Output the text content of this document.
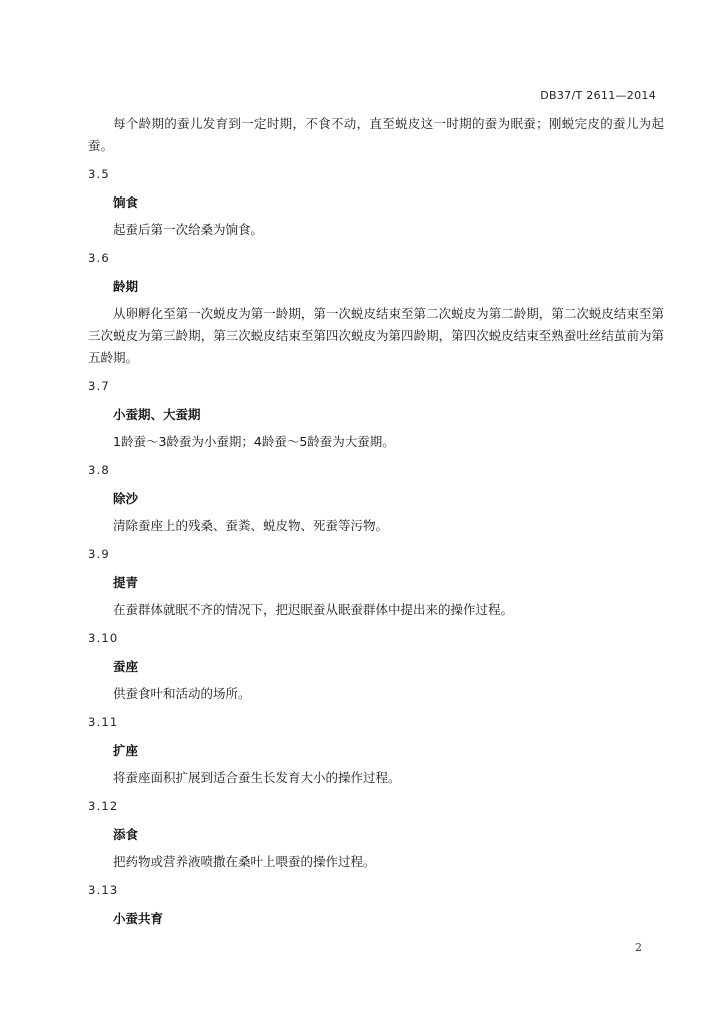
DB37/T 2611—2014

每个龄期的蚕儿发育到一定时期，不食不动，直至蜕皮这一时期的蚕为眠蚕；刚蜕完皮的蚕儿为起蚕。

3.5

饷食

起蚕后第一次给桑为饷食。

3.6

龄期

从卵孵化至第一次蜕皮为第一龄期，第一次蜕皮结束至第二次蜕皮为第二龄期，第二次蜕皮结束至第三次蜕皮为第三龄期，第三次蜕皮结束至第四次蜕皮为第四龄期，第四次蜕皮结束至熟蚕吐丝结茧前为第五龄期。

3.7

小蚕期、大蚕期

1龄蚕～3龄蚕为小蚕期；4龄蚕～5龄蚕为大蚕期。

3.8

除沙

清除蚕座上的残桑、蚕粪、蜕皮物、死蚕等污物。

3.9

提青

在蚕群体就眠不齐的情况下，把迟眠蚕从眠蚕群体中提出来的操作过程。

3.10

蚕座

供蚕食叶和活动的场所。

3.11

扩座

将蚕座面积扩展到适合蚕生长发育大小的操作过程。

3.12

添食

把药物或营养液喷撒在桑叶上喂蚕的操作过程。

3.13

小蚕共育

2
